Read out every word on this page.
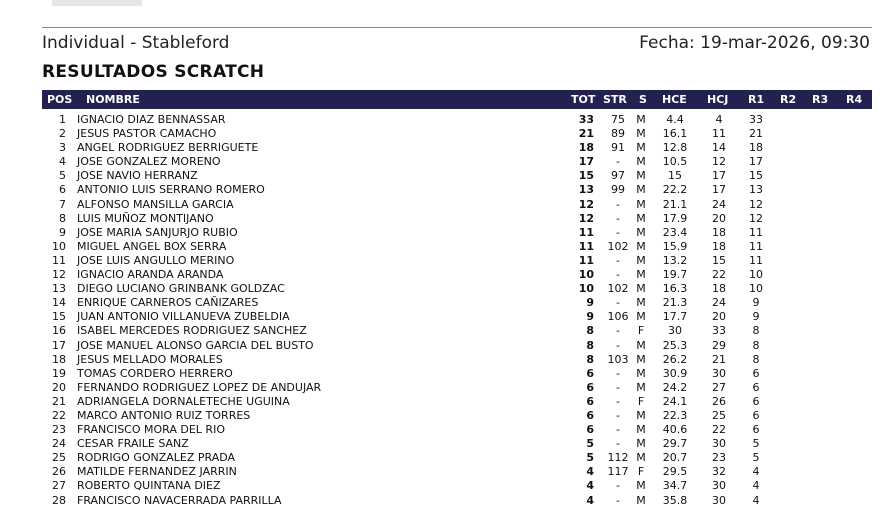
Individual - Stableford	Fecha: 19-mar-2026, 09:30
RESULTADOS SCRATCH
POS NOMBRE	TOT STR S HCE HCJ R1 R2 R3 R4
1 IGNACIO DIAZ BENNASSAR	33	75	M	4.4	4	33
2 JESUS PASTOR CAMACHO	21	89	M	16.1	11	21
3 ANGEL RODRIGUEZ BERRIGUETE	18	91	M	12.8	14	18
4 JOSE GONZALEZ MORENO	17	-	M	10.5	12	17
5 JOSE NAVIO HERRANZ	15	97	M	15	17	15
6 ANTONIO LUIS SERRANO ROMERO	13	99	M	22.2	17	13
7 ALFONSO MANSILLA GARCIA	12	-	M	21.1	24	12
8 LUIS MUÑOZ MONTIJANO	12	-	M	17.9	20	12
9 JOSE MARIA SANJURJO RUBIO	11	-	M	23.4	18	11
10 MIGUEL ANGEL BOX SERRA	11	102 M	15.9	18	11
11 JOSE LUIS ANGULLO MERINO	11	-	M	13.2	15	11
12 IGNACIO ARANDA ARANDA	10	-	M	19.7	22	10
13 DIEGO LUCIANO GRINBANK GOLDZAC	10	102 M	16.3	18	10
14 ENRIQUE CARNEROS CAÑIZARES	9	-	M	21.3	24	9
15 JUAN ANTONIO VILLANUEVA ZUBELDIA	9	106 M	17.7	20	9
16 ISABEL MERCEDES RODRIGUEZ SANCHEZ	8	-	F	30	33	8
17 JOSE MANUEL ALONSO GARCIA DEL BUSTO	8	-	M	25.3	29	8
18 JESUS MELLADO MORALES	8	103 M	26.2	21	8
19 TOMAS CORDERO HERRERO	6	-	M	30.9	30	6
20 FERNANDO RODRIGUEZ LOPEZ DE ANDUJAR	6	-	M	24.2	27	6
21 ADRIANGELA DORNALETECHE UGUINA	6	-	F	24.1	26	6
22 MARCO ANTONIO RUIZ TORRES	6	-	M	22.3	25	6
23 FRANCISCO MORA DEL RIO	6	-	M	40.6	22	6
24 CESAR FRAILE SANZ	5	-	M	29.7	30	5
25 RODRIGO GONZALEZ PRADA	5	112 M	20.7	23	5
26 MATILDE FERNANDEZ JARRIN	4	117 F	29.5	32	4
27 ROBERTO QUINTANA DIEZ	4	-	M	34.7	30	4
28 FRANCISCO NAVACERRADA PARRILLA	4	-	M	35.8	30	4
